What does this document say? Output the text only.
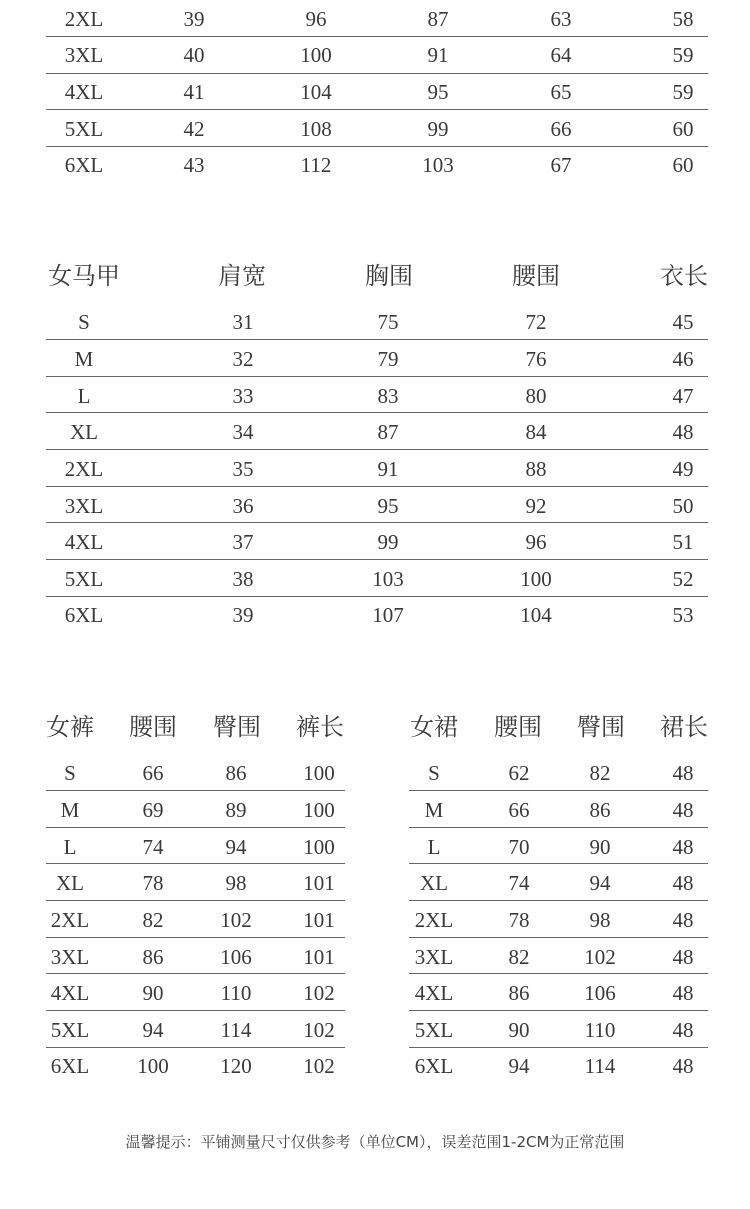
2XL	39	96	87	63	58
3XL	40	100	91	64	59
4XL	41	104	95	65	59
5XL	42	108	99	66	60
6XL	43	112	103	67	60
女马甲	肩宽	胸围	腰围	衣长
S	31	75	72	45
M	32	79	76	46
L	33	83	80	47
XL	34	87	84	48
2XL	35	91	88	49
3XL	36	95	92	50
4XL	37	99	96	51
5XL	38	103	100	52
6XL	39	107	104	53
女裤 腰围 臀围 裤长
S	66	86	100
M	69	89	100
L	74	94	100
XL	78	98	101
2XL	82	102 101
3XL	86	106 101
4XL	90	110 102
5XL	94	114 102
6XL 100 120 102
女裙 腰围 臀围 裙长
S	62	82	48
M	66	86	48
L	70	90	48
XL	74	94	48
2XL	78	98	48
3XL	82	102	48
4XL	86	106	48
5XL	90	110	48
6XL	94	114	48
温馨提示：平铺测量尺寸仅供参考（单位CM），误差范围1-2CM为正常范围
